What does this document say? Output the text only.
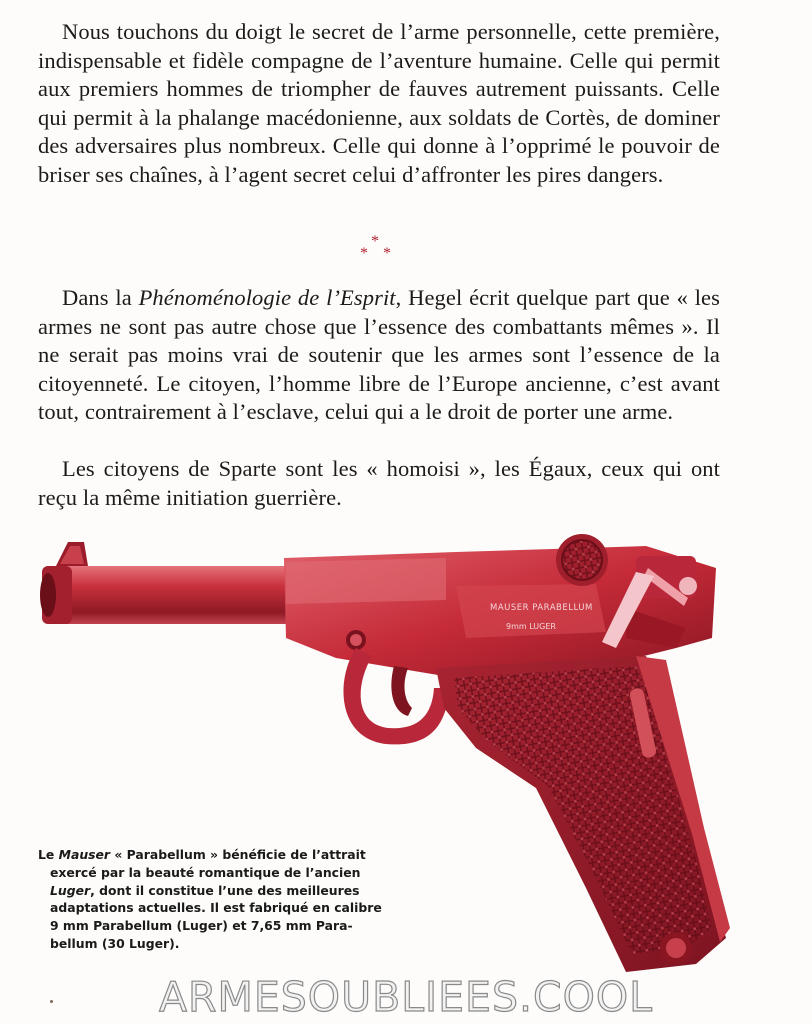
Nous touchons du doigt le secret de l’arme personnelle, cette première, indispensable et fidèle compagne de l’aventure humaine. Celle qui permit aux premiers hommes de triompher de fauves autrement puissants. Celle qui permit à la phalange macédonienne, aux soldats de Cortès, de dominer des adversaires plus nombreux. Celle qui donne à l’opprimé le pouvoir de briser ses chaînes, à l’agent secret celui d’affronter les pires dangers.

*
* *

Dans la Phénoménologie de l’Esprit, Hegel écrit quelque part que « les armes ne sont pas autre chose que l’essence des combattants mêmes ». Il ne serait pas moins vrai de soutenir que les armes sont l’essence de la citoyenneté. Le citoyen, l’homme libre de l’Europe ancienne, c’est avant tout, contrairement à l’esclave, celui qui a le droit de porter une arme.

Les citoyens de Sparte sont les « homoisi », les Égaux, ceux qui ont reçu la même initiation guerrière.

MAUSER PARABELLUM
9mm LUGER

Le Mauser « Parabellum » bénéficie de l’attrait
exercé par la beauté romantique de l’ancien
Luger, dont il constitue l’une des meilleures
adaptations actuelles. Il est fabriqué en calibre
9 mm Parabellum (Luger) et 7,65 mm Para-
bellum (30 Luger).

ARMESOUBLIEES.COOL
